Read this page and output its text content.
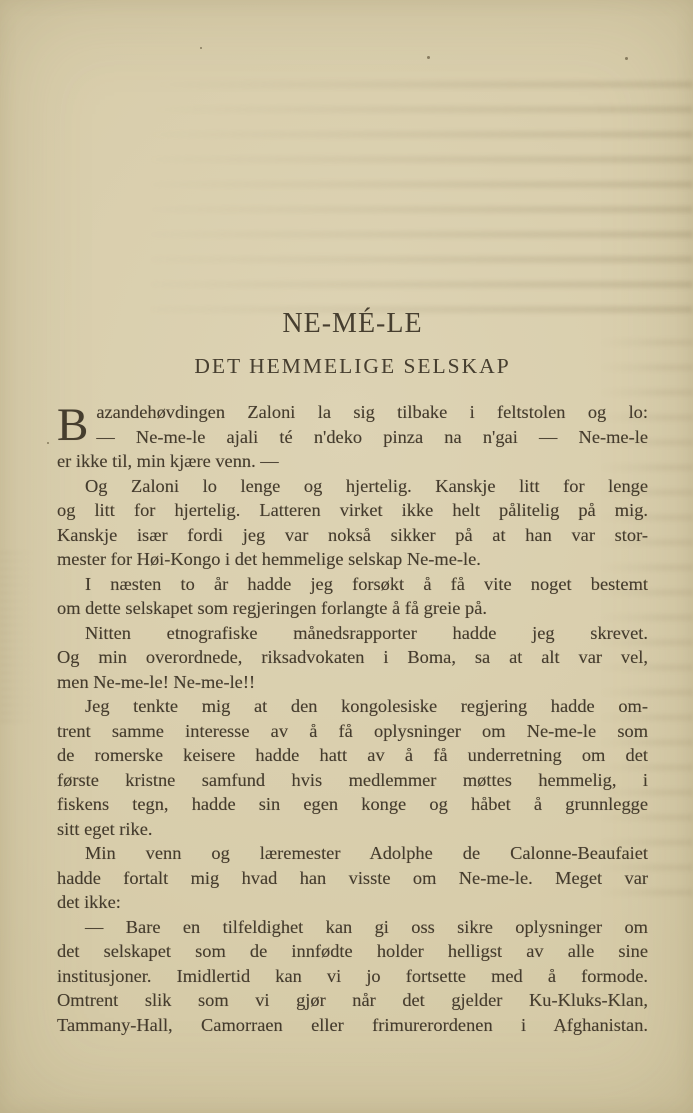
NE-MÉ-LE
DET HEMMELIGE SELSKAP
B azandehøvdingen Zaloni la sig tilbake i feltstolen og lo:
— Ne-me-le ajali té n'deko pinza na n'gai — Ne-me-le
er ikke til, min kjære venn. —
Og Zaloni lo lenge og hjertelig. Kanskje litt for lenge
og litt for hjertelig. Latteren virket ikke helt pålitelig på mig.
Kanskje især fordi jeg var nokså sikker på at han var stor-
mester for Høi-Kongo i det hemmelige selskap Ne-me-le.
I næsten to år hadde jeg forsøkt å få vite noget bestemt
om dette selskapet som regjeringen forlangte å få greie på.
Nitten etnografiske månedsrapporter hadde jeg skrevet.
Og min overordnede, riksadvokaten i Boma, sa at alt var vel,
men Ne-me-le! Ne-me-le!!
Jeg tenkte mig at den kongolesiske regjering hadde om-
trent samme interesse av å få oplysninger om Ne-me-le som
de romerske keisere hadde hatt av å få underretning om det
første kristne samfund hvis medlemmer møttes hemmelig, i
fiskens tegn, hadde sin egen konge og håbet å grunnlegge
sitt eget rike.
Min venn og læremester Adolphe de Calonne-Beaufaiet
hadde fortalt mig hvad han visste om Ne-me-le. Meget var
det ikke:
— Bare en tilfeldighet kan gi oss sikre oplysninger om
det selskapet som de innfødte holder helligst av alle sine
institusjoner. Imidlertid kan vi jo fortsette med å formode.
Omtrent slik som vi gjør når det gjelder Ku-Kluks-Klan,
Tammany-Hall, Camorraen eller frimurerordenen i Afghanistan.
